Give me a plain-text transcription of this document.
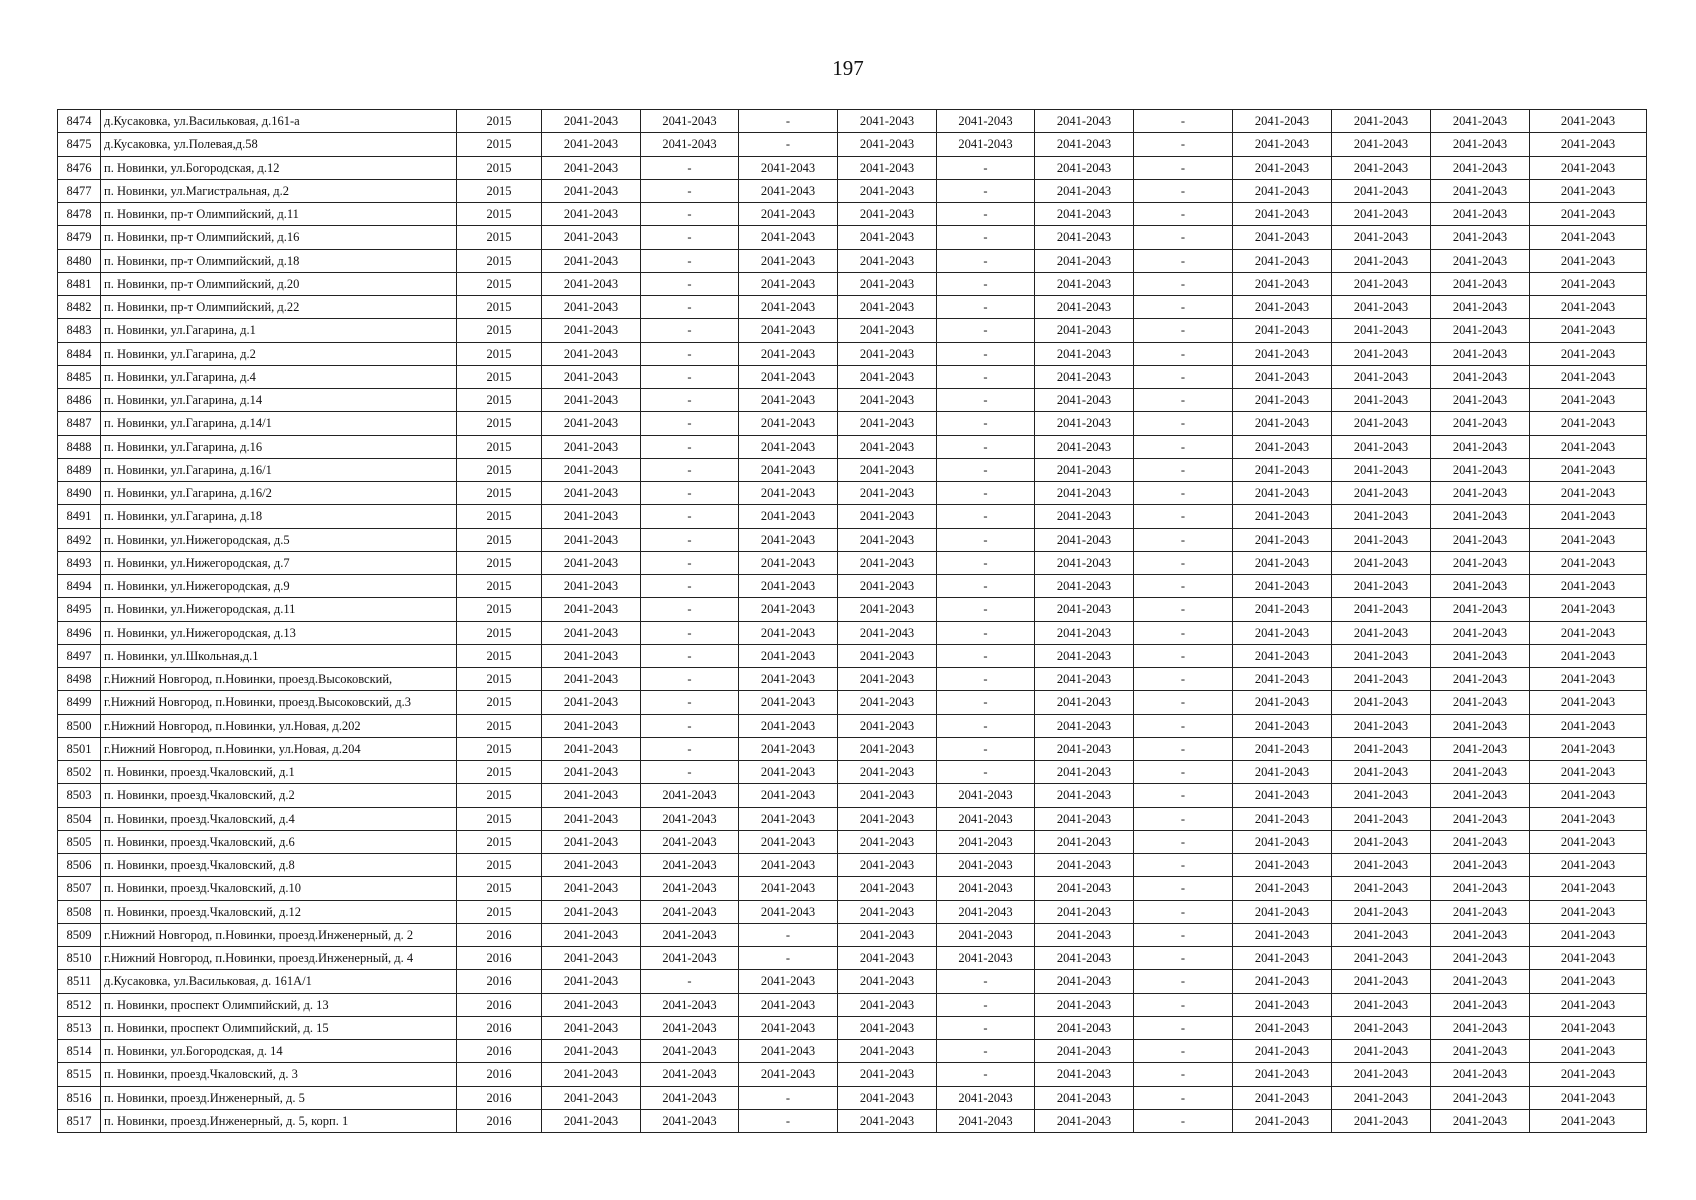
197
8474	д.Кусаковка, ул.Васильковая, д.161-а	2015	2041-2043	2041-2043	-	2041-2043	2041-2043	2041-2043	-	2041-2043	2041-2043	2041-2043	2041-2043
8475	д.Кусаковка, ул.Полевая,д.58	2015	2041-2043	2041-2043	-	2041-2043	2041-2043	2041-2043	-	2041-2043	2041-2043	2041-2043	2041-2043
8476	п. Новинки, ул.Богородская, д.12	2015	2041-2043	-	2041-2043	2041-2043	-	2041-2043	-	2041-2043	2041-2043	2041-2043	2041-2043
8477	п. Новинки, ул.Магистральная, д.2	2015	2041-2043	-	2041-2043	2041-2043	-	2041-2043	-	2041-2043	2041-2043	2041-2043	2041-2043
8478	п. Новинки, пр-т Олимпийский, д.11	2015	2041-2043	-	2041-2043	2041-2043	-	2041-2043	-	2041-2043	2041-2043	2041-2043	2041-2043
8479	п. Новинки, пр-т Олимпийский, д.16	2015	2041-2043	-	2041-2043	2041-2043	-	2041-2043	-	2041-2043	2041-2043	2041-2043	2041-2043
8480	п. Новинки, пр-т Олимпийский, д.18	2015	2041-2043	-	2041-2043	2041-2043	-	2041-2043	-	2041-2043	2041-2043	2041-2043	2041-2043
8481	п. Новинки, пр-т Олимпийский, д.20	2015	2041-2043	-	2041-2043	2041-2043	-	2041-2043	-	2041-2043	2041-2043	2041-2043	2041-2043
8482	п. Новинки, пр-т Олимпийский, д.22	2015	2041-2043	-	2041-2043	2041-2043	-	2041-2043	-	2041-2043	2041-2043	2041-2043	2041-2043
8483	п. Новинки, ул.Гагарина, д.1	2015	2041-2043	-	2041-2043	2041-2043	-	2041-2043	-	2041-2043	2041-2043	2041-2043	2041-2043
8484	п. Новинки, ул.Гагарина, д.2	2015	2041-2043	-	2041-2043	2041-2043	-	2041-2043	-	2041-2043	2041-2043	2041-2043	2041-2043
8485	п. Новинки, ул.Гагарина, д.4	2015	2041-2043	-	2041-2043	2041-2043	-	2041-2043	-	2041-2043	2041-2043	2041-2043	2041-2043
8486	п. Новинки, ул.Гагарина, д.14	2015	2041-2043	-	2041-2043	2041-2043	-	2041-2043	-	2041-2043	2041-2043	2041-2043	2041-2043
8487	п. Новинки, ул.Гагарина, д.14/1	2015	2041-2043	-	2041-2043	2041-2043	-	2041-2043	-	2041-2043	2041-2043	2041-2043	2041-2043
8488	п. Новинки, ул.Гагарина, д.16	2015	2041-2043	-	2041-2043	2041-2043	-	2041-2043	-	2041-2043	2041-2043	2041-2043	2041-2043
8489	п. Новинки, ул.Гагарина, д.16/1	2015	2041-2043	-	2041-2043	2041-2043	-	2041-2043	-	2041-2043	2041-2043	2041-2043	2041-2043
8490	п. Новинки, ул.Гагарина, д.16/2	2015	2041-2043	-	2041-2043	2041-2043	-	2041-2043	-	2041-2043	2041-2043	2041-2043	2041-2043
8491	п. Новинки, ул.Гагарина, д.18	2015	2041-2043	-	2041-2043	2041-2043	-	2041-2043	-	2041-2043	2041-2043	2041-2043	2041-2043
8492	п. Новинки, ул.Нижегородская, д.5	2015	2041-2043	-	2041-2043	2041-2043	-	2041-2043	-	2041-2043	2041-2043	2041-2043	2041-2043
8493	п. Новинки, ул.Нижегородская, д.7	2015	2041-2043	-	2041-2043	2041-2043	-	2041-2043	-	2041-2043	2041-2043	2041-2043	2041-2043
8494	п. Новинки, ул.Нижегородская, д.9	2015	2041-2043	-	2041-2043	2041-2043	-	2041-2043	-	2041-2043	2041-2043	2041-2043	2041-2043
8495	п. Новинки, ул.Нижегородская, д.11	2015	2041-2043	-	2041-2043	2041-2043	-	2041-2043	-	2041-2043	2041-2043	2041-2043	2041-2043
8496	п. Новинки, ул.Нижегородская, д.13	2015	2041-2043	-	2041-2043	2041-2043	-	2041-2043	-	2041-2043	2041-2043	2041-2043	2041-2043
8497	п. Новинки, ул.Школьная,д.1	2015	2041-2043	-	2041-2043	2041-2043	-	2041-2043	-	2041-2043	2041-2043	2041-2043	2041-2043
8498	г.Нижний Новгород, п.Новинки, проезд.Высоковский,	2015	2041-2043	-	2041-2043	2041-2043	-	2041-2043	-	2041-2043	2041-2043	2041-2043	2041-2043
8499	г.Нижний Новгород, п.Новинки, проезд.Высоковский, д.3	2015	2041-2043	-	2041-2043	2041-2043	-	2041-2043	-	2041-2043	2041-2043	2041-2043	2041-2043
8500	г.Нижний Новгород, п.Новинки, ул.Новая, д.202	2015	2041-2043	-	2041-2043	2041-2043	-	2041-2043	-	2041-2043	2041-2043	2041-2043	2041-2043
8501	г.Нижний Новгород, п.Новинки, ул.Новая, д.204	2015	2041-2043	-	2041-2043	2041-2043	-	2041-2043	-	2041-2043	2041-2043	2041-2043	2041-2043
8502	п. Новинки, проезд.Чкаловский, д.1	2015	2041-2043	-	2041-2043	2041-2043	-	2041-2043	-	2041-2043	2041-2043	2041-2043	2041-2043
8503	п. Новинки, проезд.Чкаловский, д.2	2015	2041-2043	2041-2043	2041-2043	2041-2043	2041-2043	2041-2043	-	2041-2043	2041-2043	2041-2043	2041-2043
8504	п. Новинки, проезд.Чкаловский, д.4	2015	2041-2043	2041-2043	2041-2043	2041-2043	2041-2043	2041-2043	-	2041-2043	2041-2043	2041-2043	2041-2043
8505	п. Новинки, проезд.Чкаловский, д.6	2015	2041-2043	2041-2043	2041-2043	2041-2043	2041-2043	2041-2043	-	2041-2043	2041-2043	2041-2043	2041-2043
8506	п. Новинки, проезд.Чкаловский, д.8	2015	2041-2043	2041-2043	2041-2043	2041-2043	2041-2043	2041-2043	-	2041-2043	2041-2043	2041-2043	2041-2043
8507	п. Новинки, проезд.Чкаловский, д.10	2015	2041-2043	2041-2043	2041-2043	2041-2043	2041-2043	2041-2043	-	2041-2043	2041-2043	2041-2043	2041-2043
8508	п. Новинки, проезд.Чкаловский, д.12	2015	2041-2043	2041-2043	2041-2043	2041-2043	2041-2043	2041-2043	-	2041-2043	2041-2043	2041-2043	2041-2043
8509	г.Нижний Новгород, п.Новинки, проезд.Инженерный, д. 2	2016	2041-2043	2041-2043	-	2041-2043	2041-2043	2041-2043	-	2041-2043	2041-2043	2041-2043	2041-2043
8510	г.Нижний Новгород, п.Новинки, проезд.Инженерный, д. 4	2016	2041-2043	2041-2043	-	2041-2043	2041-2043	2041-2043	-	2041-2043	2041-2043	2041-2043	2041-2043
8511	д.Кусаковка, ул.Васильковая, д. 161А/1	2016	2041-2043	-	2041-2043	2041-2043	-	2041-2043	-	2041-2043	2041-2043	2041-2043	2041-2043
8512	п. Новинки, проспект Олимпийский, д. 13	2016	2041-2043	2041-2043	2041-2043	2041-2043	-	2041-2043	-	2041-2043	2041-2043	2041-2043	2041-2043
8513	п. Новинки, проспект Олимпийский, д. 15	2016	2041-2043	2041-2043	2041-2043	2041-2043	-	2041-2043	-	2041-2043	2041-2043	2041-2043	2041-2043
8514	п. Новинки, ул.Богородская, д. 14	2016	2041-2043	2041-2043	2041-2043	2041-2043	-	2041-2043	-	2041-2043	2041-2043	2041-2043	2041-2043
8515	п. Новинки, проезд.Чкаловский, д. 3	2016	2041-2043	2041-2043	2041-2043	2041-2043	-	2041-2043	-	2041-2043	2041-2043	2041-2043	2041-2043
8516	п. Новинки, проезд.Инженерный, д. 5	2016	2041-2043	2041-2043	-	2041-2043	2041-2043	2041-2043	-	2041-2043	2041-2043	2041-2043	2041-2043
8517	п. Новинки, проезд.Инженерный, д. 5, корп. 1	2016	2041-2043	2041-2043	-	2041-2043	2041-2043	2041-2043	-	2041-2043	2041-2043	2041-2043	2041-2043
